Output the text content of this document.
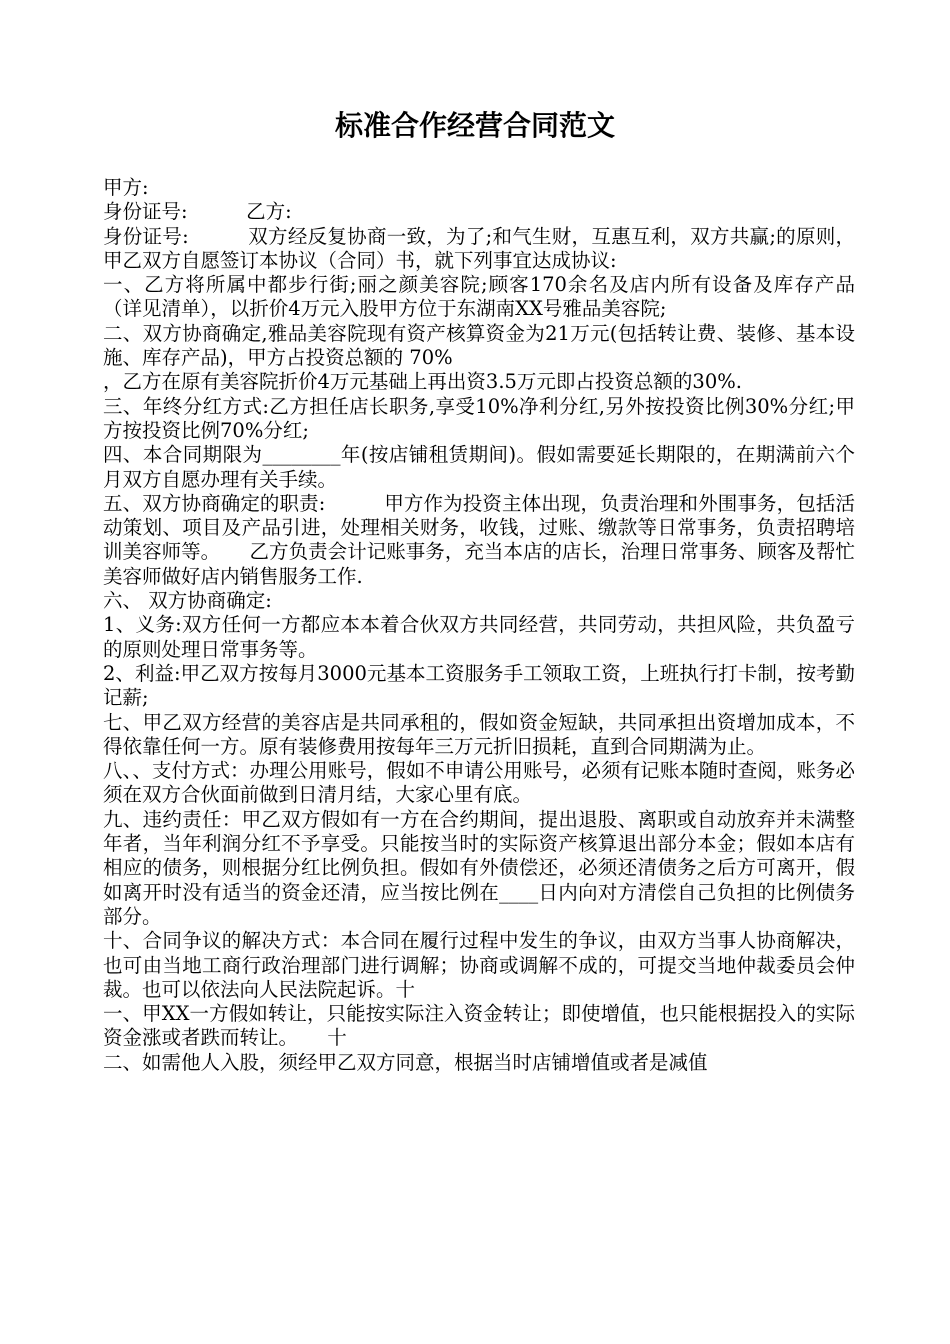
标准合作经营合同范文

甲方:

身份证号:　　　乙方:

身份证号:　　　双方经反复协商一致，为了;和气生财，互惠互利，双方共赢;的原则，甲乙双方自愿签订本协议（合同）书，就下列事宜达成协议:

一、乙方将所属中都步行街;丽之颜美容院;顾客170余名及店内所有设备及库存产品（详见清单），以折价4万元入股甲方位于东湖南XX号雅品美容院;

二、双方协商确定,雅品美容院现有资产核算资金为21万元(包括转让费、装修、基本设施、库存产品)，甲方占投资总额的 70%

，乙方在原有美容院折价4万元基础上再出资3.5万元即占投资总额的30%.

三、年终分红方式:乙方担任店长职务,享受10%净利分红,另外按投资比例30%分红;甲方按投资比例70%分红;

四、本合同期限为________年(按店铺租赁期间)。假如需要延长期限的，在期满前六个月双方自愿办理有关手续。

五、双方协商确定的职责:　　　甲方作为投资主体出现，负责治理和外围事务，包括活动策划、项目及产品引进，处理相关财务，收钱，过账、缴款等日常事务，负责招聘培训美容师等。　　乙方负责会计记账事务，充当本店的店长，治理日常事务、顾客及帮忙美容师做好店内销售服务工作.

六、 双方协商确定:

1、义务:双方任何一方都应本本着合伙双方共同经营，共同劳动，共担风险，共负盈亏的原则处理日常事务等。

2、利益:甲乙双方按每月3000元基本工资服务手工领取工资，上班执行打卡制，按考勤记薪;

七、甲乙双方经营的美容店是共同承租的，假如资金短缺，共同承担出资增加成本，不得依靠任何一方。原有装修费用按每年三万元折旧损耗，直到合同期满为止。

八、、支付方式：办理公用账号，假如不申请公用账号，必须有记账本随时查阅，账务必须在双方合伙面前做到日清月结，大家心里有底。

九、违约责任：甲乙双方假如有一方在合约期间，提出退股、离职或自动放弃并未满整年者，当年利润分红不予享受。只能按当时的实际资产核算退出部分本金；假如本店有相应的债务，则根据分红比例负担。假如有外债偿还，必须还清债务之后方可离开，假如离开时没有适当的资金还清，应当按比例在____日内向对方清偿自己负担的比例债务部分。

十、合同争议的解决方式：本合同在履行过程中发生的争议，由双方当事人协商解决，也可由当地工商行政治理部门进行调解；协商或调解不成的，可提交当地仲裁委员会仲裁。也可以依法向人民法院起诉。十

一、甲XX一方假如转让，只能按实际注入资金转让；即使增值，也只能根据投入的实际资金涨或者跌而转让。　　十

二、如需他人入股，须经甲乙双方同意，根据当时店铺增值或者是减值
